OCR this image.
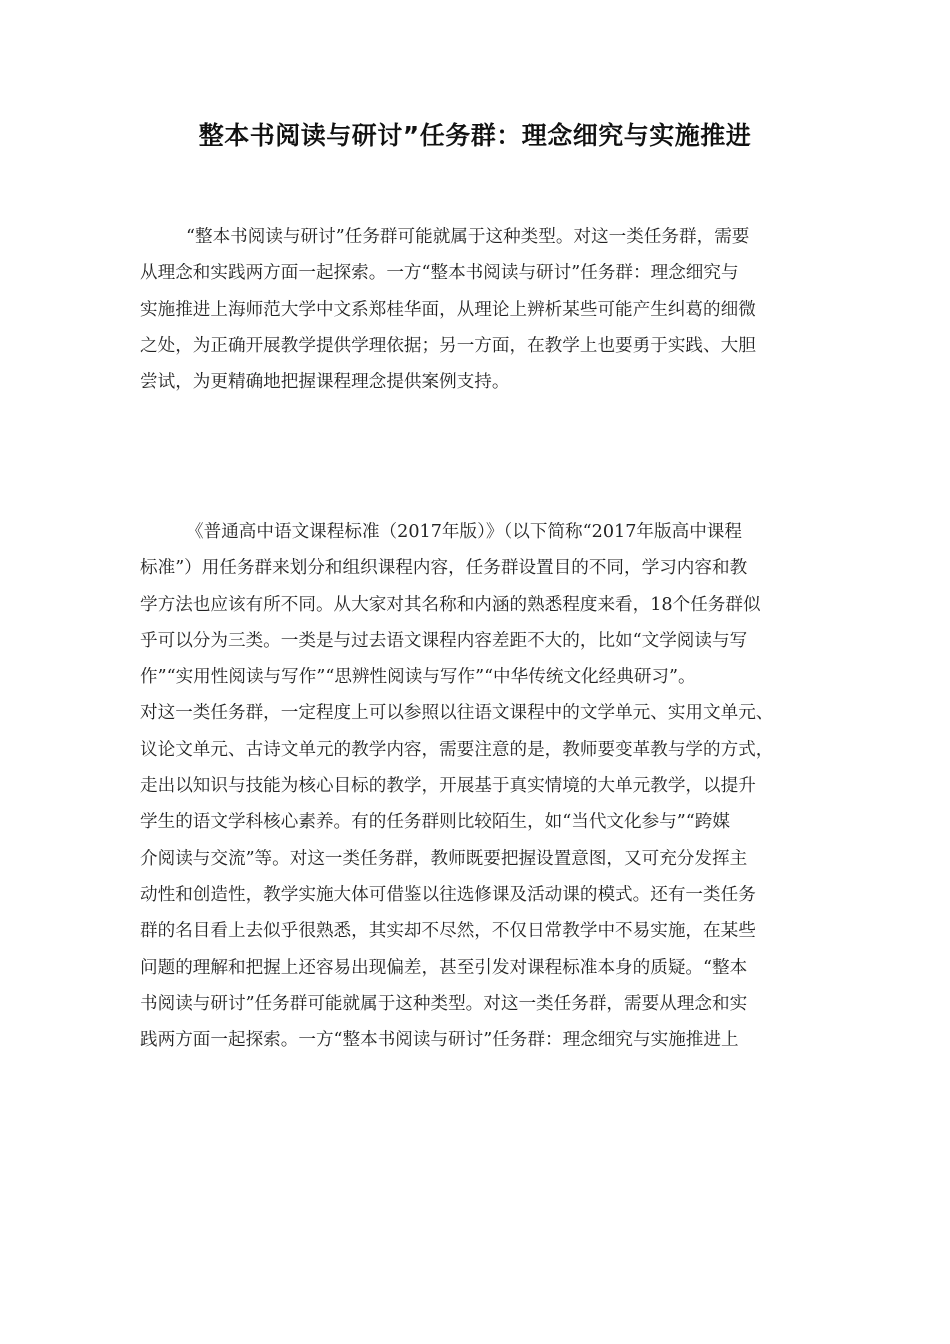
整本书阅读与研讨”任务群：理念细究与实施推进
“整本书阅读与研讨”任务群可能就属于这种类型。对这一类任务群，需要
从理念和实践两方面一起探索。一方“整本书阅读与研讨”任务群：理念细究与
实施推进上海师范大学中文系郑桂华面，从理论上辨析某些可能产生纠葛的细微
之处，为正确开展教学提供学理依据；另一方面，在教学上也要勇于实践、大胆
尝试，为更精确地把握课程理念提供案例支持。
《普通高中语文课程标准（2017年版）》（以下简称“2017年版高中课程
标准”）用任务群来划分和组织课程内容，任务群设置目的不同，学习内容和教
学方法也应该有所不同。从大家对其名称和内涵的熟悉程度来看，18个任务群似
乎可以分为三类。一类是与过去语文课程内容差距不大的，比如“文学阅读与写
作”“实用性阅读与写作”“思辨性阅读与写作”“中华传统文化经典研习”。
对这一类任务群，一定程度上可以参照以往语文课程中的文学单元、实用文单元、
议论文单元、古诗文单元的教学内容，需要注意的是，教师要变革教与学的方式，
走出以知识与技能为核心目标的教学，开展基于真实情境的大单元教学，以提升
学生的语文学科核心素养。有的任务群则比较陌生，如“当代文化参与”“跨媒
介阅读与交流”等。对这一类任务群，教师既要把握设置意图，又可充分发挥主
动性和创造性，教学实施大体可借鉴以往选修课及活动课的模式。还有一类任务
群的名目看上去似乎很熟悉，其实却不尽然，不仅日常教学中不易实施，在某些
问题的理解和把握上还容易出现偏差，甚至引发对课程标准本身的质疑。“整本
书阅读与研讨”任务群可能就属于这种类型。对这一类任务群，需要从理念和实
践两方面一起探索。一方“整本书阅读与研讨”任务群：理念细究与实施推进上
